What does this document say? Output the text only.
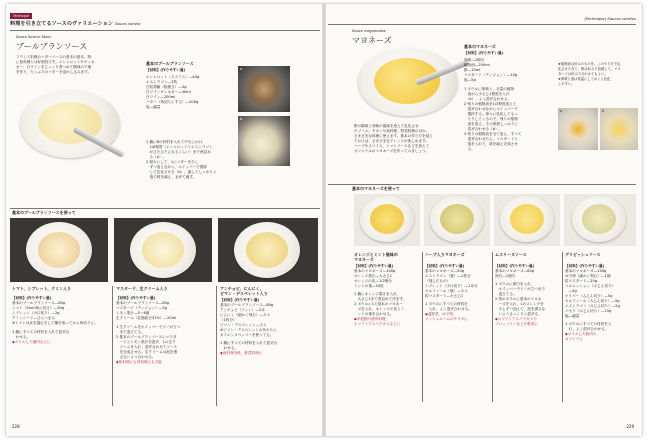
Technique
料理を引き立てるソースのヴァリエーション Sauces variées
Sauce beurre blanc
ブールブランソース
フランス料理のバターソースの基本の基本。特
に魚料理とは好相性です。エシャロットやヴィネ
ガー、白ワインをじっくり煮つめて酸味の下地
を作り、たっぷりのバターを溶かし込みます。
基本のブールブランソース
【材料】(作りやすい量)
エシャロット（スライス）―40g
エストラゴン―3枝
白粒胡椒（粗挽き）―3g
白ワインヴィネガー―40ml
白ワイン―200ml
バター（角切りにする）―200g
塩―適量
1 鍋にBの材料を入れて中火にかけ、
　1/8程度（エシャロットとエストラゴン
　がひたひたになるくらい）まで煮詰め
　る（a）。
2 弱火にして、1にバターを少し
　ずつ加えながら、ホイッパーで攪拌
　して乳化させる（b）。漉してしっかりと
　塩で味を調え、まぜて漉す。
a
b
基本のブールブランソースを使って
トマト、シブレット、クミン入り
【材料】(作りやすい量)
基本のブールブランソース―80g
トマト（5mm角に切る）―30g
シブレット（小口切り）―2g
クミンシード―ひとつまみ
※トマトは皮を湯むきして種を取ってから角切りに。
1 鍋にすべての材料を入れて混ぜ合
　わせる。
◆グリルした鶏肉などに
マスタード、生クリーム入り
【材料】(作りやすい量)
基本のブールブランソース―80g
マスタード（ディジョン）―5g
レモン果汁―5～6滴
生クリーム（乳脂肪分37%）―20ml
1 生クリームをホイッパーでツノが立つ
　まで泡立てる。
2 基本のブールブランソースにマスタ
　ードとレモン果汁を混ぜ、1の生ク
　リームを入れ、混ぜ合わせてソース
　を完成させる。生クリームは泡を潰
　さないよう合わせる。
◆魚料理にも肉料理にも万能
アンチョビ、にんにく、
ピマン・デスペレット入り
【材料】(作りやすい量)
基本のブールブランソース―80g
アンチョビ（フィレ）―2本
にんにく（細かく刻む）―少々
（1枚分）
ピマン・デスペレット―少々
※ピマン・デスペレットの代わりに
カイエンヌペッパーを使っても。
1 鍋にすべての材料を入れて混ぜ合
　わせる。
◆魚料理全般、野菜料理に
228
|Technique| Sauces variées
Sauce mayonnaise
マヨネーズ
酢の酸味と卵黄の風味を加えて乳化させ
たソース。チキンや魚料理、野菜料理のほか、
さまざまな料理に使えます。基本の作り方を覚え
ておけば、さまざまなアレンジが楽しめます。
ハーブやスパイス、トマトソースなどを加えて
オリジナルのマヨネーズを作ってみましょう。
基本のマヨネーズ
【材料】(作りやすい量)
卵黄―2個分
植物油―200ml
酢―10ml
マスタード（ディジョン）―10g
塩―5g
1 ボウルに卵黄と、分量の植物
　油から小さじ1程度を入れ
　（a）、よく混ぜ合わせる。
2 残りの植物油を1/3程度加えて
　混ぜ合わせながらホイッパーで
　攪拌する。徐々に乳化してもっ
　たりしてくるので、残りの植物
　油を加え、その都度しっかりと
　混ぜ合わせる（b）。
3 残りの植物油を全て加え、すべて
　混ぜ合わせたら、マスタードと
　塩を入れて、味を調え完成させ
　る。
★植物油は好みのものを。このやり方で乳
化させたあと、酢は好みで加減して。マス
タードは好みで合わせてもよい。
★卵黄と油は常温にしておくと乳化
しやすい。
a	b
基本のマヨネーズを使って
オレンジとミント風味の
マヨネーズ
【材料】(作りやすい量)
基本のマヨネーズ―100g
オレンジ果汁―大さじ1
オレンジの皮―1/2個分
ミントの葉―10枚
1 鍋にオレンジ果汁を入れ、
　大さじ1まで煮詰めて冷ます。
2 ボウルに1と基本のマヨネー
　ズを入れ、オレンジの皮とミ
　ントの葉を合わせる。
◆甲殻類や鶏肉料理、
ホワイトアスパラガスなどに
ハーブ入りマヨネーズ
【材料】(作りやすい量)
基本のマヨネーズ―50g
エストラゴン（葉）―1枝分
（刻んだもの）
シブレット（小口切り）―1本分
セルフィーユ（葉）―少々
粒マスタード―小さじ1
1 ボウルにすべての材料を
　入れ、よく混ぜ合わせる。
◆温野菜、ゆで卵、
マッシュルームのサラダに
ムスリーヌソース
【材料】(作りやすい量)
基本のマヨネーズ―60g
卵白―1個分
1 ボウルに卵白を入れ、
　ホイッパーでツノが立つまで
　泡立てる。
2 別のボウルに基本のマヨネ
　ーズを入れ、1のメレンゲを
　少しずつ加えて、泡を潰さな
　いようさっくりと混ぜる。
◆ホワイトアスパラガスや
ブロッコリーなどの野菜に
グリビッシュソース
【材料】(作りやすい量)
基本のマヨネーズ―150g
ゆで卵（細かく刻む）―1個
粒マスタード―20g
コルニッション（みじん切り）
　―5g
ケイパー（みじん切り）―5g
セルフィーユ（みじん切り）―5g
エストラゴン（みじん切り）―5g
パセリ（みじん切り）―15g
塩―適量
1 ボウルにすべての材料を入
　れ、よく混ぜ合わせる。
◆ボイルした豚肉や
カツレツに
229
